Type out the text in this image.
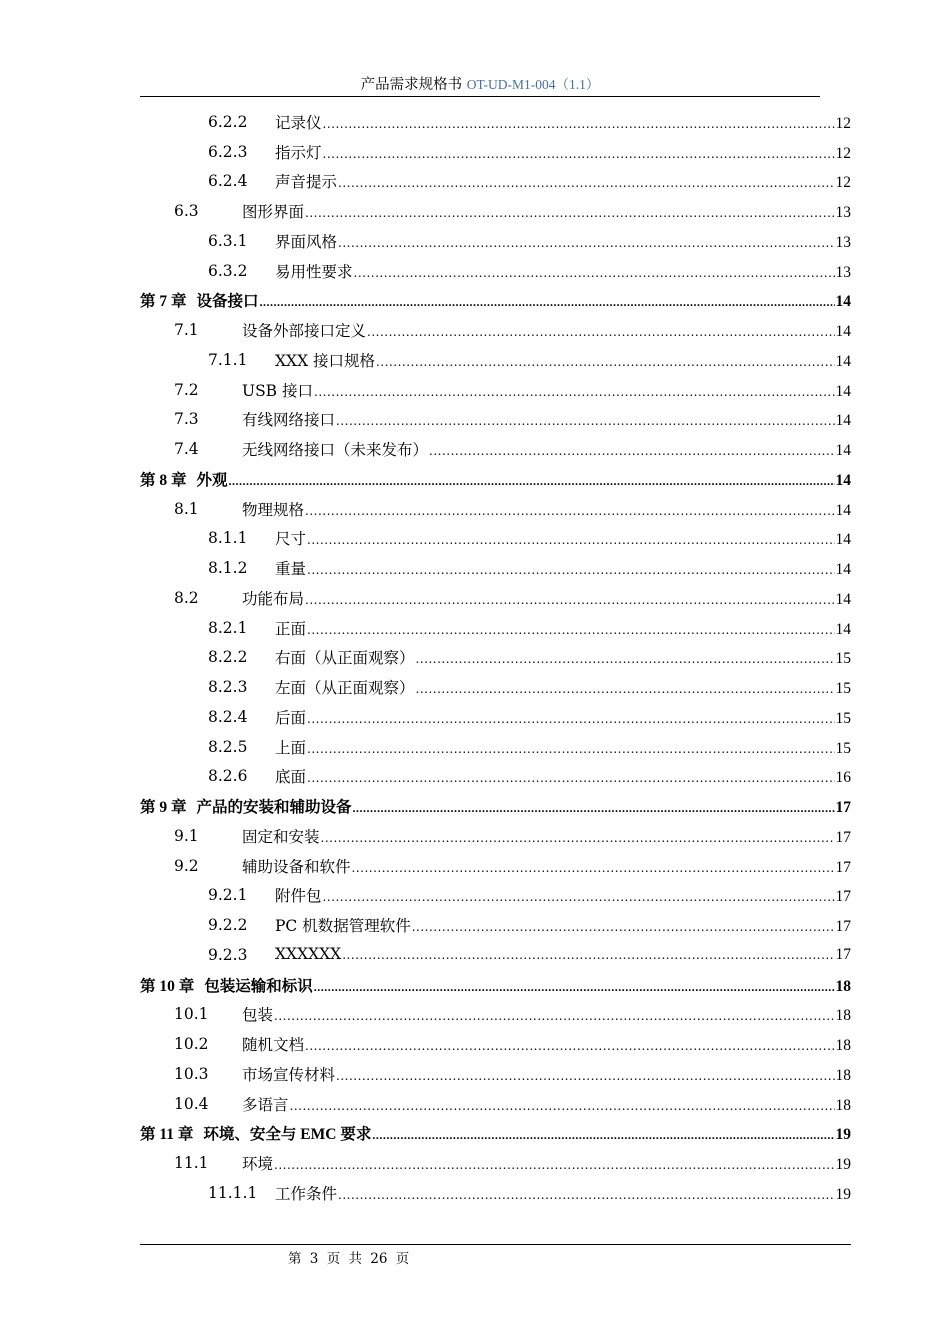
产品需求规格书 OT-UD-M1-004（1.1）
6.2.2 记录仪 .....	12
6.2.3 指示灯 .....	12
6.2.4 声音提示 .....	12
6.3	图形界面 .....	13
6.3.1 界面风格 .....	13
6.3.2 易用性要求 .....	13
第 7 章 设备接口 .....	14
7.1	设备外部接口定义 .....	14
7.1.1 XXX 接口规格 .....	14
7.2	USB 接口 .....	14
7.3	有线网络接口 .....	14
7.4	无线网络接口（未来发布） .....	14
第 8 章 外观 .....	14
8.1	物理规格 .....	14
8.1.1 尺寸 .....	14
8.1.2 重量 .....	14
8.2	功能布局 .....	14
8.2.1 正面 .....	14
8.2.2 右面（从正面观察） .....	15
8.2.3 左面（从正面观察） .....	15
8.2.4 后面 .....	15
8.2.5 上面 .....	15
8.2.6 底面 .....	16
第 9 章 产品的安装和辅助设备 .....	17
9.1	固定和安装 .....	17
9.2	辅助设备和软件 .....	17
9.2.1 附件包 .....	17
9.2.2 PC 机数据管理软件 .....	17
9.2.3 XXXXXX .....	17
第 10 章 包装运输和标识 .....	18
10.1 包装 .....	18
10.2 随机文档 .....	18
10.3 市场宣传材料 .....	18
10.4 多语言 .....	18
第 11 章 环境、安全与 EMC 要求 .....	19
11.1 环境 .....	19
11.1.1 工作条件 .....	19
第 3 页 共 26 页
